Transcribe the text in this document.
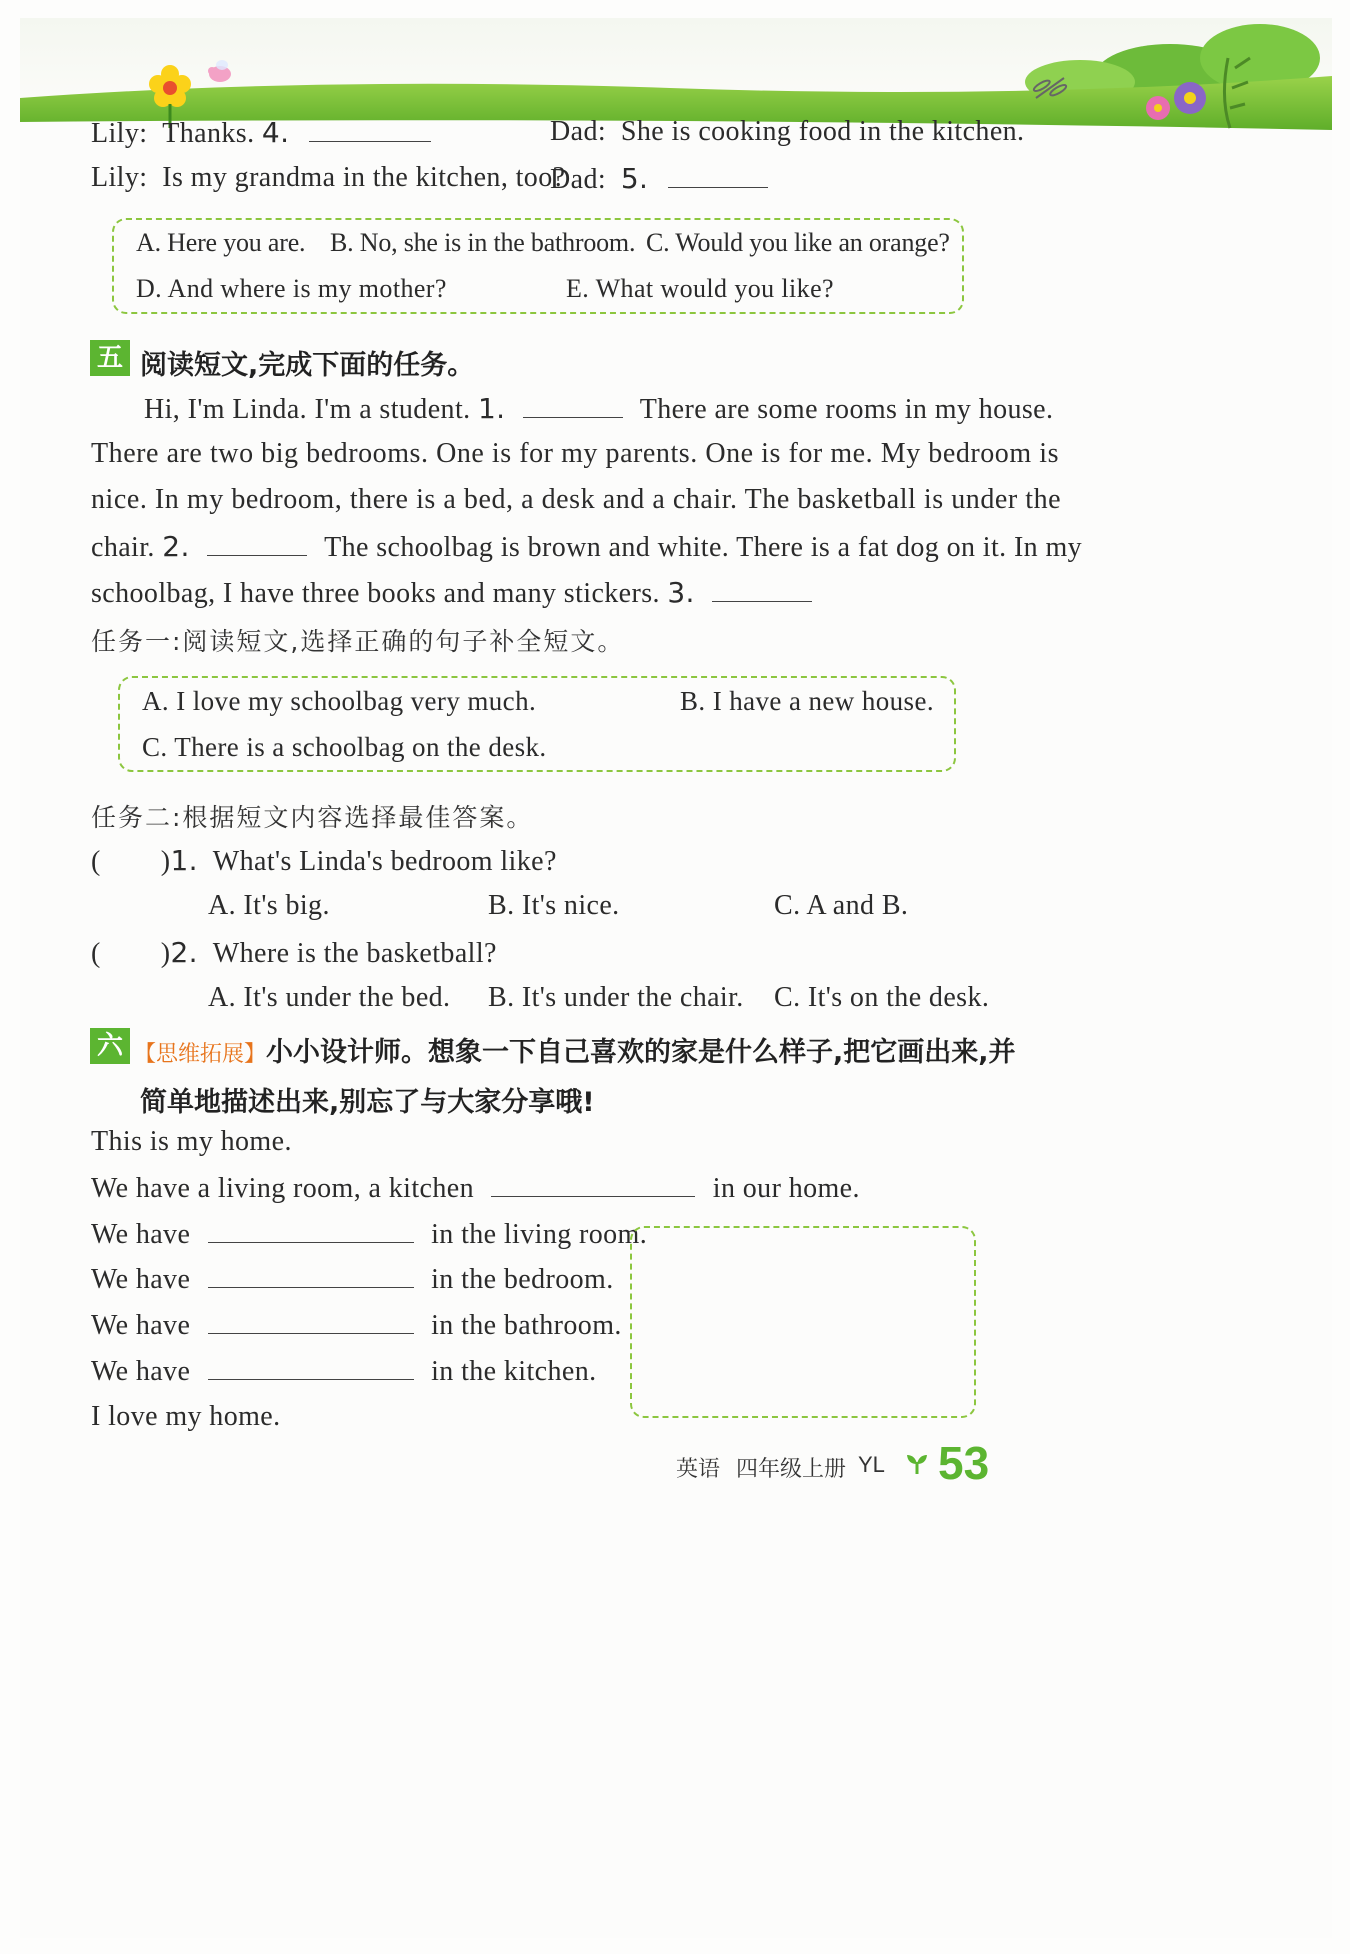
Lily: Thanks. 4.	Dad: She is cooking food in the kitchen.
Lily: Is my grandma in the kitchen, too?
Dad: 5.
A. Here you are. B. No, she is in the bathroom. C. Would you like an orange?
D. And where is my mother?	E. What would you like?
五 阅读短文,完成下面的任务。
Hi, I'm Linda. I'm a student. 1.	There are some rooms in my house.
There are two big bedrooms. One is for my parents. One is for me. My bedroom is
nice. In my bedroom, there is a bed, a desk and a chair. The basketball is under the
chair. 2.	The schoolbag is brown and white. There is a fat dog on it. In my
schoolbag, I have three books and many stickers. 3.
任务一:阅读短文,选择正确的句子补全短文。
A. I love my schoolbag very much.	B. I have a new house.
C. There is a schoolbag on the desk.
任务二:根据短文内容选择最佳答案。
( )1. What's Linda's bedroom like?
A. It's big.	B. It's nice.	C. A and B.
( )2. Where is the basketball?
A. It's under the bed. B. It's under the chair. C. It's on the desk.
六 【思维拓展】小小设计师。想象一下自己喜欢的家是什么样子,把它画出来,并
简单地描述出来,别忘了与大家分享哦!
This is my home.
We have a living room, a kitchen	in our home.
We have	in the living room.
We have	in the bedroom.
We have	in the bathroom.
We have	in the kitchen.
I love my home.
英语 四年级上册 YL 53
